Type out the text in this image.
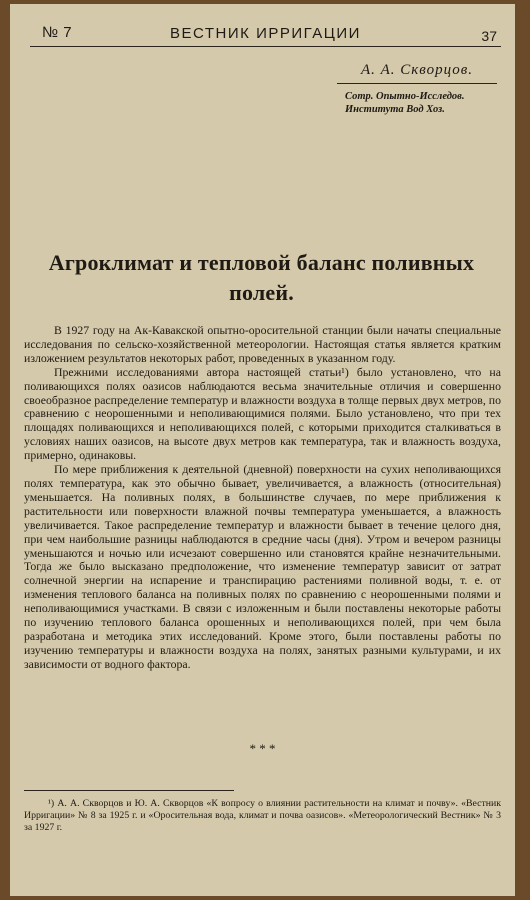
№ 7	ВЕСТНИК ИРРИГАЦИИ	37
А. А. Скворцов.
Сотр. Опытно-Исследов.
Института Вод Хоз.
Агроклимат и тепловой баланс поливных полей.

В 1927 году на Ак-Кавакской опытно-оросительной станции были начаты специальные исследования по сельско-хозяйственной метеорологии. Настоящая статья является кратким изложением результатов некоторых работ, проведенных в указанном году.

Прежними исследованиями автора настоящей статьи¹) было установлено, что на поливающихся полях оазисов наблюдаются весьма значительные отличия и совершенно своеобразное распределение температур и влажности воздуха в толще первых двух метров, по сравнению с неорошенными и неполивающимися полями. Было установлено, что при тех площадях поливающихся и неполивающихся полей, с которыми приходится сталкиваться в условиях наших оазисов, на высоте двух метров как температура, так и влажность воздуха, примерно, одинаковы.

По мере приближения к деятельной (дневной) поверхности на сухих неполивающихся полях температура, как это обычно бывает, увеличивается, а влажность (относительная) уменьшается. На поливных полях, в большинстве случаев, по мере приближения к растительности или поверхности влажной почвы температура уменьшается, а влажность увеличивается. Такое распределение температур и влажности бывает в течение целого дня, при чем наибольшие разницы наблюдаются в средние часы (дня). Утром и вечером разницы уменьшаются и ночью или исчезают совершенно или становятся крайне незначительными. Тогда же было высказано предположение, что изменение температур зависит от затрат солнечной энергии на испарение и транспирацию растениями поливной воды, т. е. от изменения теплового баланса на поливных полях по сравнению с неорошенными полями и неполивающимися участками. В связи с изложенным и были поставлены некоторые работы по изучению теплового баланса орошенных и неполивающихся полей, при чем была разработана и методика этих исследований. Кроме этого, были поставлены работы по изучению температуры и влажности воздуха на полях, занятых разными культурами, и их зависимости от водного фактора.

* * *
¹) А. А. Скворцов и Ю. А. Скворцов «К вопросу о влиянии растительности на климат и почву». «Вестник Ирригации» № 8 за 1925 г. и «Оросительная вода, климат и почва оазисов». «Метеорологический Вестник» № 3 за 1927 г.
